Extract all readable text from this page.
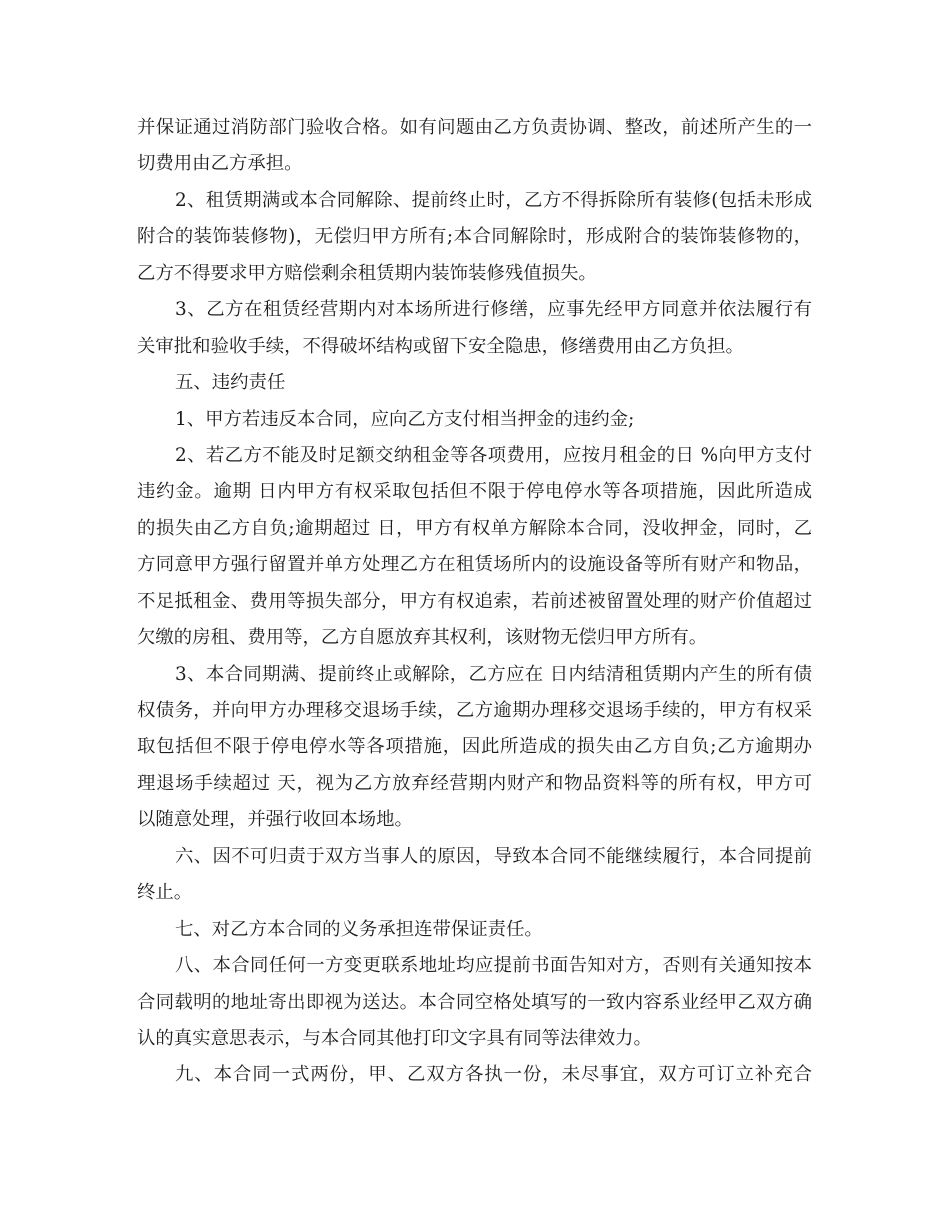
并保证通过消防部门验收合格。如有问题由乙方负责协调、整改，前述所产生的一
切费用由乙方承担。
2、租赁期满或本合同解除、提前终止时，乙方不得拆除所有装修(包括未形成
附合的装饰装修物)，无偿归甲方所有;本合同解除时，形成附合的装饰装修物的，
乙方不得要求甲方赔偿剩余租赁期内装饰装修残值损失。
3、乙方在租赁经营期内对本场所进行修缮，应事先经甲方同意并依法履行有
关审批和验收手续，不得破坏结构或留下安全隐患，修缮费用由乙方负担。
五、违约责任
1、甲方若违反本合同，应向乙方支付相当押金的违约金;
2、若乙方不能及时足额交纳租金等各项费用，应按月租金的日 %向甲方支付
违约金。逾期 日内甲方有权采取包括但不限于停电停水等各项措施，因此所造成
的损失由乙方自负;逾期超过 日，甲方有权单方解除本合同，没收押金，同时，乙
方同意甲方强行留置并单方处理乙方在租赁场所内的设施设备等所有财产和物品，
不足抵租金、费用等损失部分，甲方有权追索，若前述被留置处理的财产价值超过
欠缴的房租、费用等，乙方自愿放弃其权利，该财物无偿归甲方所有。
3、本合同期满、提前终止或解除，乙方应在 日内结清租赁期内产生的所有债
权债务，并向甲方办理移交退场手续，乙方逾期办理移交退场手续的，甲方有权采
取包括但不限于停电停水等各项措施，因此所造成的损失由乙方自负;乙方逾期办
理退场手续超过 天，视为乙方放弃经营期内财产和物品资料等的所有权，甲方可
以随意处理，并强行收回本场地。
六、因不可归责于双方当事人的原因，导致本合同不能继续履行，本合同提前
终止。
七、对乙方本合同的义务承担连带保证责任。
八、本合同任何一方变更联系地址均应提前书面告知对方，否则有关通知按本
合同载明的地址寄出即视为送达。本合同空格处填写的一致内容系业经甲乙双方确
认的真实意思表示，与本合同其他打印文字具有同等法律效力。
九、本合同一式两份，甲、乙双方各执一份，未尽事宜，双方可订立补充合
